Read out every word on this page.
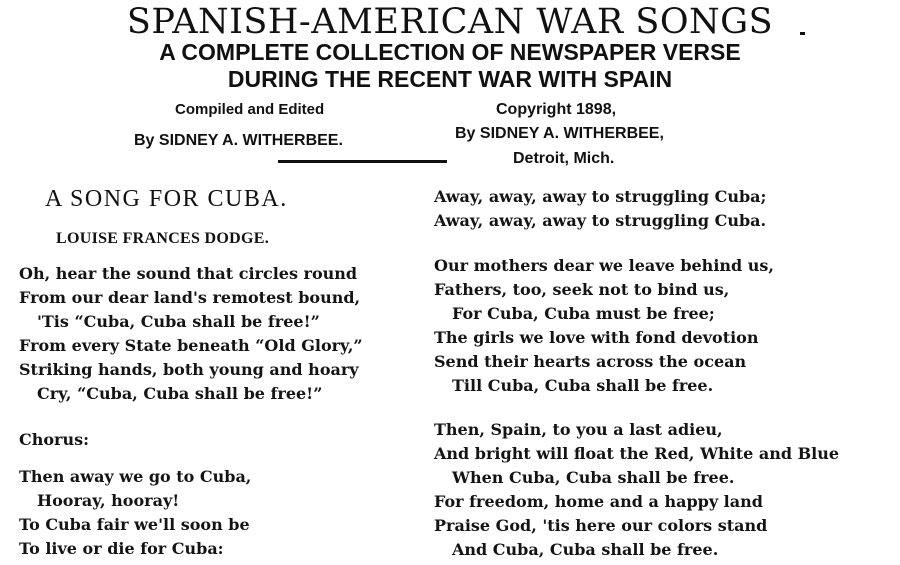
SPANISH-AMERICAN WAR SONGS
A COMPLETE COLLECTION OF NEWSPAPER VERSE
DURING THE RECENT WAR WITH SPAIN
Compiled and Edited
By SIDNEY A. WITHERBEE.
Copyright 1898,
By SIDNEY A. WITHERBEE,
Detroit, Mich.
A SONG FOR CUBA.
LOUISE FRANCES DODGE.
Oh, hear the sound that circles round
From our dear land's remotest bound,
'Tis “Cuba, Cuba shall be free!”
From every State beneath “Old Glory,”
Striking hands, both young and hoary
Cry, “Cuba, Cuba shall be free!”
Chorus:
Then away we go to Cuba,
Hooray, hooray!
To Cuba fair we'll soon be
To live or die for Cuba:
Away, away, away to struggling Cuba;
Away, away, away to struggling Cuba.
Our mothers dear we leave behind us,
Fathers, too, seek not to bind us,
For Cuba, Cuba must be free;
The girls we love with fond devotion
Send their hearts across the ocean
Till Cuba, Cuba shall be free.
Then, Spain, to you a last adieu,
And bright will float the Red, White and Blue
When Cuba, Cuba shall be free.
For freedom, home and a happy land
Praise God, 'tis here our colors stand
And Cuba, Cuba shall be free.
